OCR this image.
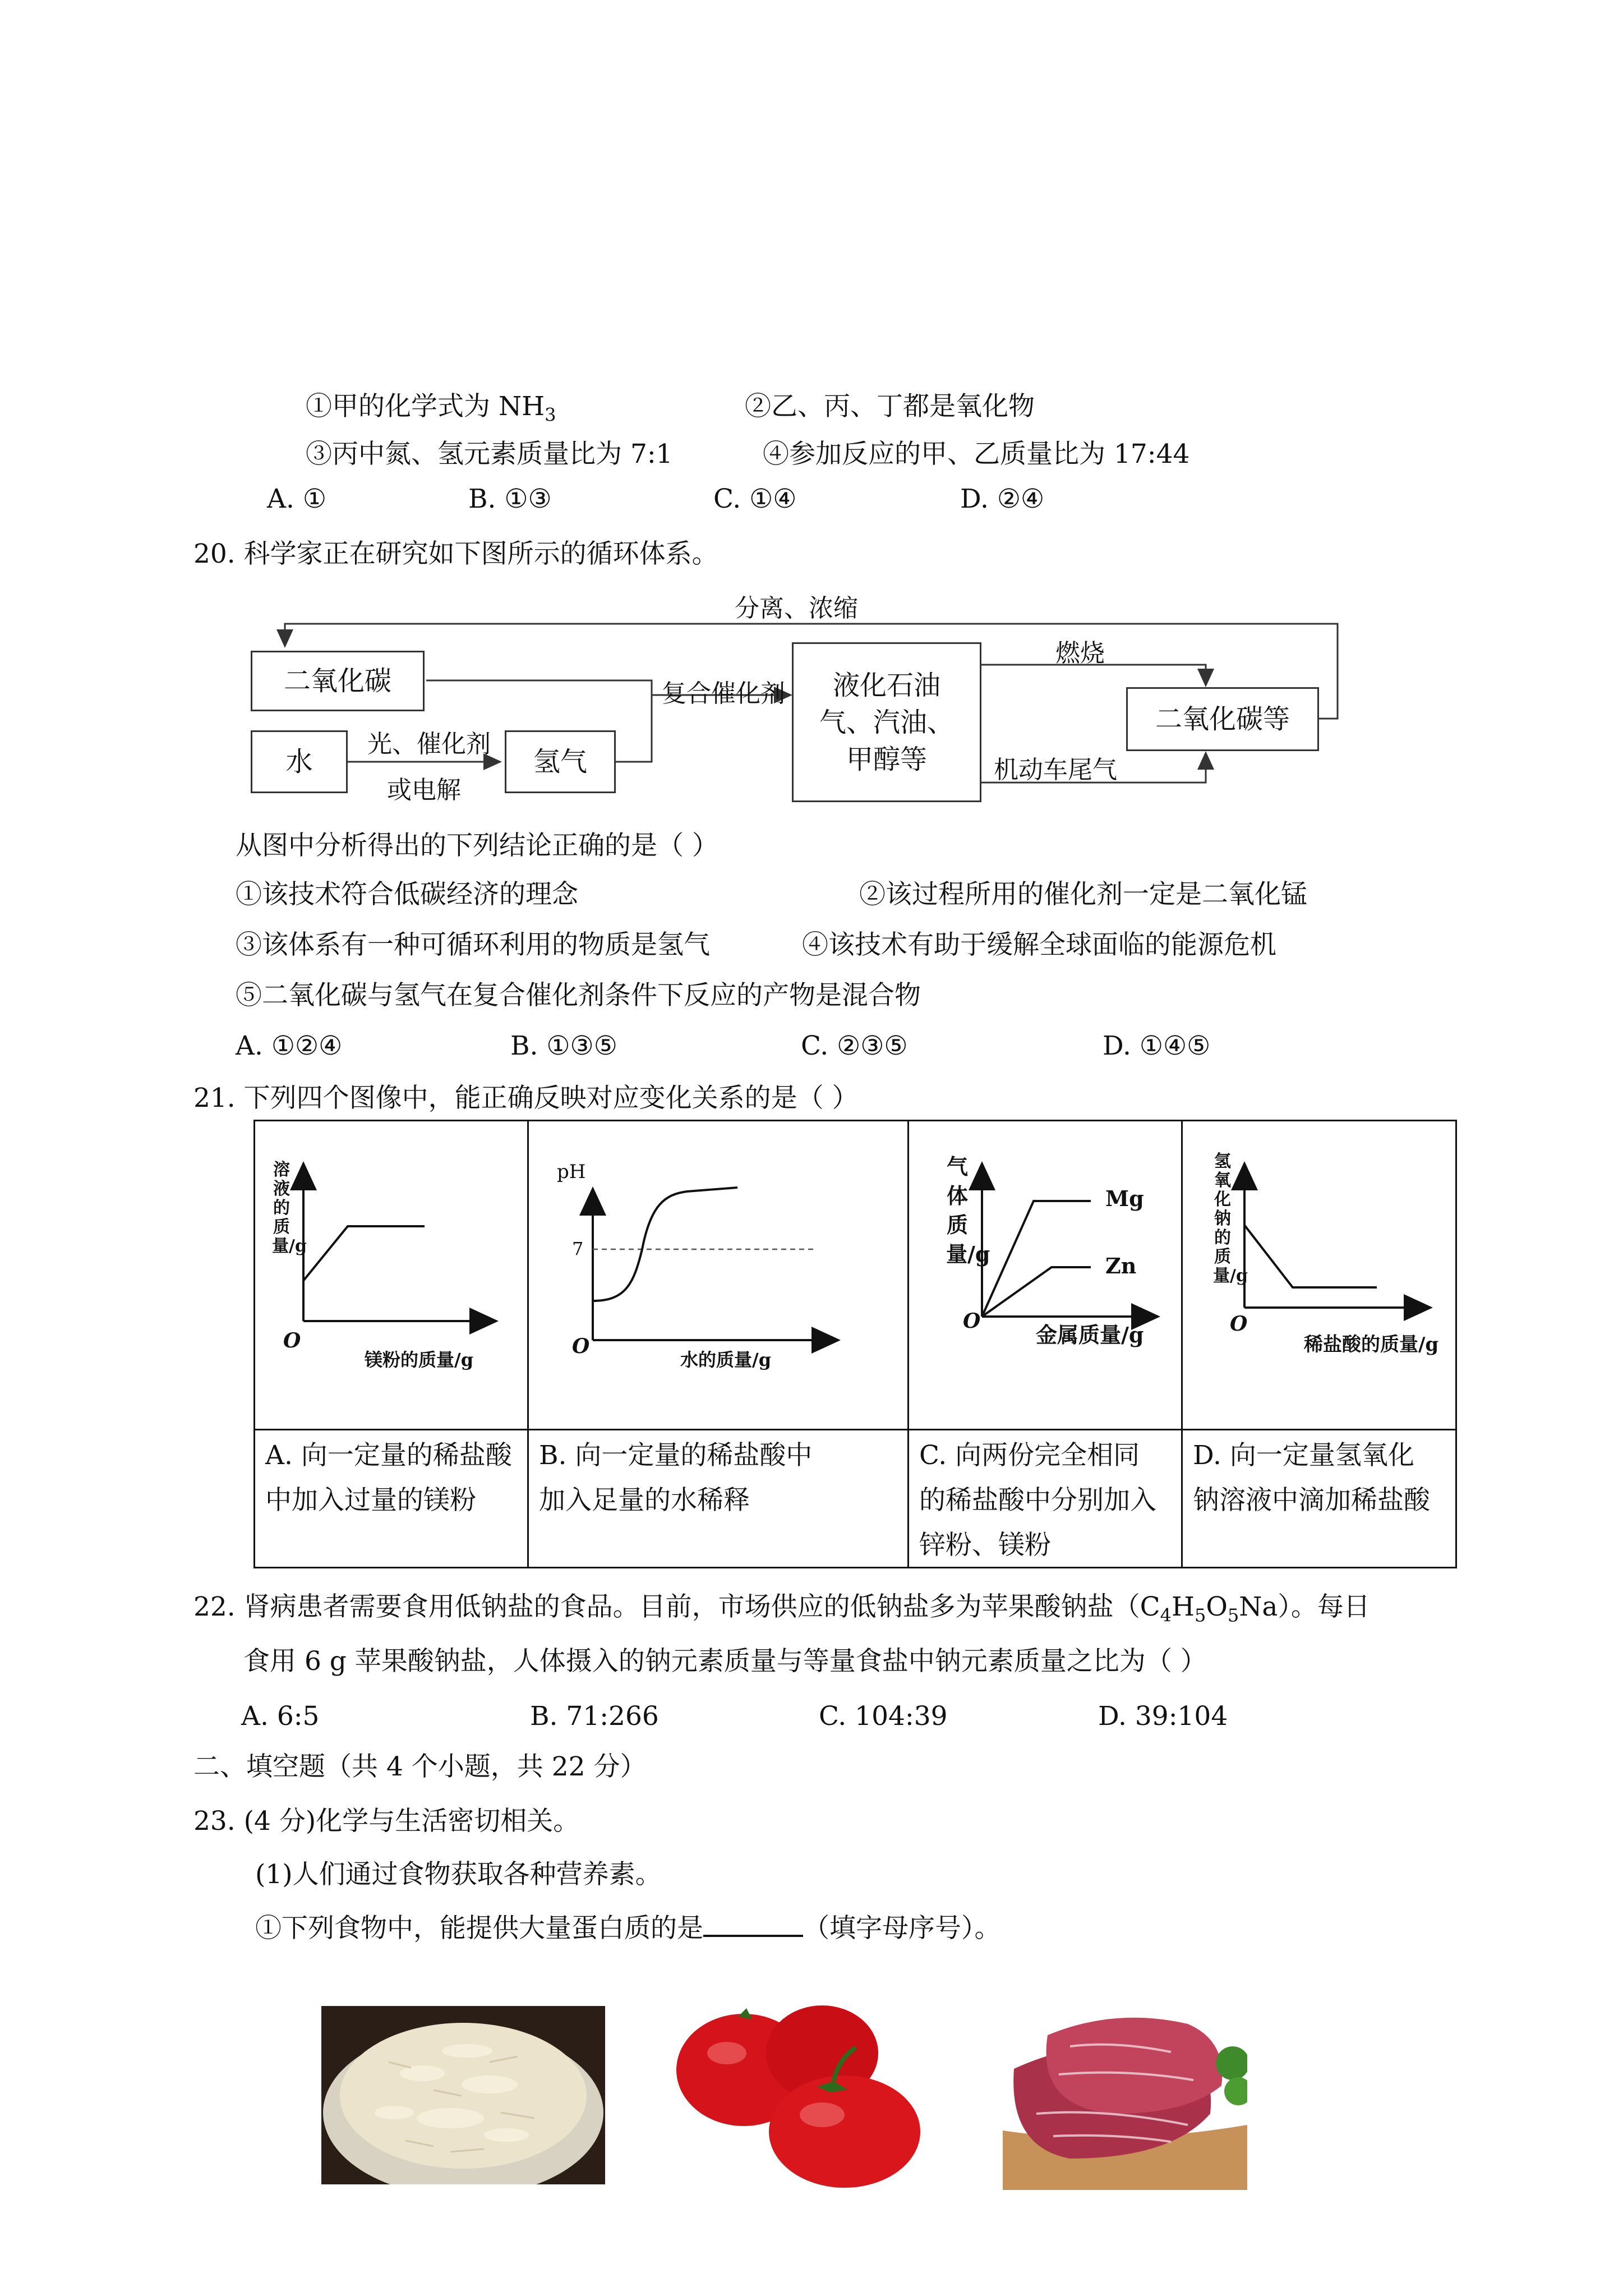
①甲的化学式为 $NH_3$	②乙、丙、丁都是氧化物
③丙中氮、氢元素质量比为 7:1	④参加反应的甲、乙质量比为 17:44
A. ①	B. ①③	C. ①④	D. ②④
20. 科学家正在研究如下图所示的循环体系。
二氧化碳
水	氢气
液化石油
气、汽油、
甲醇等
二氧化碳等
分离、浓缩
光、催化剂
或电解
复合催化剂
燃烧
机动车尾气
从图中分析得出的下列结论正确的是（ ）
①该技术符合低碳经济的理念	②该过程所用的催化剂一定是二氧化锰
③该体系有一种可循环利用的物质是氢气	④该技术有助于缓解全球面临的能源危机
⑤二氧化碳与氢气在复合催化剂条件下反应的产物是混合物
A. ①②④	B. ①③⑤	C. ②③⑤	D. ①④⑤
21. 下列四个图像中，能正确反映对应变化关系的是（ ）
溶液的质量/g
O
镁粉的质量/g
pH
7
O
水的质量/g
气体质量/g
Mg
Zn
O
金属质量/g
氢氧化钠的质量/g
O
稀盐酸的质量/g
A. 向一定量的稀盐酸中加入过量的镁粉
B. 向一定量的稀盐酸中加入足量的水稀释
C. 向两份完全相同的稀盐酸中分别加入锌粉、镁粉
D. 向一定量氢氧化钠溶液中滴加稀盐酸
22. 肾病患者需要食用低钠盐的食品。目前，市场供应的低钠盐多为苹果酸钠盐$(C_4H_5O_5Na)$。每日
食用 6 g 苹果酸钠盐，人体摄入的钠元素质量与等量食盐中钠元素质量之比为（ ）
A. 6:5	B. 71:266	C. 104:39	D. 39:104
二、填空题（共 4 个小题，共 22 分）
23. (4 分)化学与生活密切相关。
(1)人们通过食物获取各种营养素。
①下列食物中，能提供大量蛋白质的是	（填字母序号）。
